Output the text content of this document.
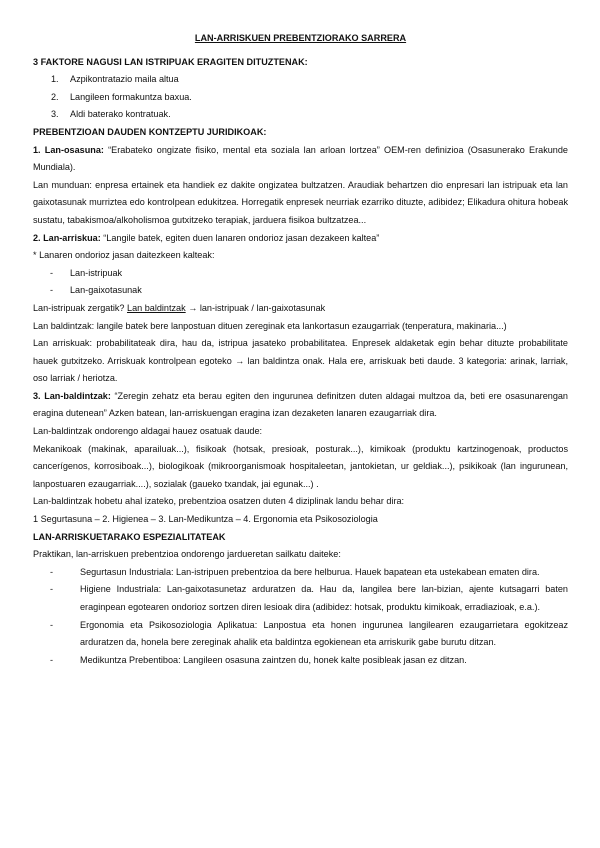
LAN-ARRISKUEN PREBENTZIORAKO SARRERA

3 FAKTORE NAGUSI LAN ISTRIPUAK ERAGITEN DITUZTENAK:

1. Azpikontratazio maila altua
2. Langileen formakuntza baxua.
3. Aldi baterako kontratuak.

PREBENTZIOAN DAUDEN KONTZEPTU JURIDIKOAK:

1. Lan-osasuna: “Erabateko ongizate fisiko, mental eta soziala lan arloan lortzea” OEM-ren definizioa (Osasunerako Erakunde Mundiala).

Lan munduan: enpresa ertainek eta handiek ez dakite ongizatea bultzatzen. Araudiak behartzen dio enpresari lan istripuak eta lan gaixotasunak murriztea edo kontrolpean edukitzea. Horregatik enpresek neurriak ezarriko dituzte, adibidez; Elikadura ohitura hobeak sustatu, tabakismoa/alkoholismoa gutxitzeko terapiak, jarduera fisikoa bultzatzea...

2. Lan-arriskua: “Langile batek, egiten duen lanaren ondorioz jasan dezakeen kaltea”

* Lanaren ondorioz jasan daitezkeen kalteak:

- Lan-istripuak
- Lan-gaixotasunak

Lan-istripuak zergatik? Lan baldintzak → lan-istripuak / lan-gaixotasunak

Lan baldintzak: langile batek bere lanpostuan dituen zereginak eta lankortasun ezaugarriak (tenperatura, makinaria...)

Lan arriskuak: probabilitateak dira, hau da, istripua jasateko probabilitatea. Enpresek aldaketak egin behar dituzte probabilitate hauek gutxitzeko. Arriskuak kontrolpean egoteko → lan baldintza onak. Hala ere, arriskuak beti daude. 3 kategoria: arinak, larriak, oso larriak / heriotza.

3. Lan-baldintzak: “Zeregin zehatz eta berau egiten den ingurunea definitzen duten aldagai multzoa da, beti ere osasunarengan eragina dutenean” Azken batean, lan-arriskuengan eragina izan dezaketen lanaren ezaugarriak dira.

Lan-baldintzak ondorengo aldagai hauez osatuak daude:

Mekanikoak (makinak, aparailuak...), fisikoak (hotsak, presioak, posturak...), kimikoak (produktu kartzinogenoak, productos cancerígenos, korrosiboak...), biologikoak (mikroorganismoak hospitaleetan, jantokietan, ur geldiak...), psikikoak (lan ingurunean, lanpostuaren ezaugarriak....), sozialak (gaueko txandak, jai egunak...) .

Lan-baldintzak hobetu ahal izateko, prebentzioa osatzen duten 4 diziplinak landu behar dira:

1 Segurtasuna – 2. Higienea – 3. Lan-Medikuntza – 4. Ergonomia eta Psikosoziologia

LAN-ARRISKUETARAKO ESPEZIALITATEAK

Praktikan, lan-arriskuen prebentzioa ondorengo jardueretan sailkatu daiteke:

-	Segurtasun Industriala: Lan-istripuen prebentzioa da bere helburua. Hauek bapatean eta ustekabean ematen dira.
-	Higiene Industriala: Lan-gaixotasunetaz arduratzen da. Hau da, langilea bere lan-bizian, ajente kutsagarri baten eraginpean egotearen ondorioz sortzen diren lesioak dira (adibidez: hotsak, produktu kimikoak, erradiazioak, e.a.).
-	Ergonomia eta Psikosoziologia Aplikatua: Lanpostua eta honen ingurunea langilearen ezaugarrietara egokitzeaz arduratzen da, honela bere zereginak ahalik eta baldintza egokienean eta arriskurik gabe burutu ditzan.
-	Medikuntza Prebentiboa: Langileen osasuna zaintzen du, honek kalte posibleak jasan ez ditzan.
